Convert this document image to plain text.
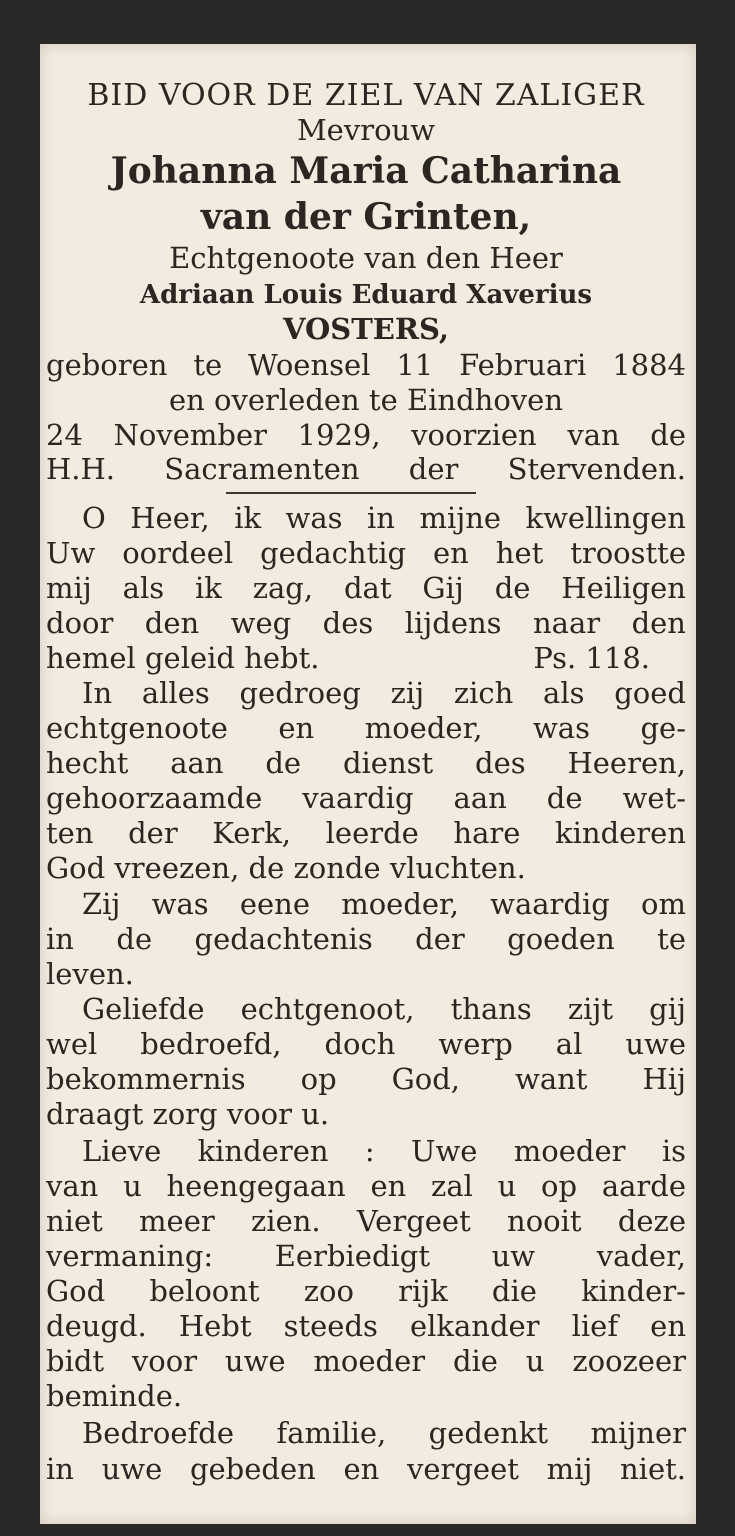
BID VOOR DE ZIEL VAN ZALIGER
Mevrouw
Johanna Maria Catharina
van der Grinten,
Echtgenoote van den Heer
Adriaan Louis Eduard Xaverius
VOSTERS,
geboren te Woensel 11 Februari 1884
en overleden te Eindhoven
24 November 1929, voorzien van de
H.H. Sacramenten der Stervenden.
O Heer, ik was in mijne kwellingen
Uw oordeel gedachtig en het troostte
mij als ik zag, dat Gij de Heiligen
door den weg des lijdens naar den
hemel geleid hebt.	Ps. 118.
In alles gedroeg zij zich als goed
echtgenoote en moeder, was ge-
hecht aan de dienst des Heeren,
gehoorzaamde vaardig aan de wet-
ten der Kerk, leerde hare kinderen
God vreezen, de zonde vluchten.
Zij was eene moeder, waardig om
in de gedachtenis der goeden te
leven.
Geliefde echtgenoot, thans zijt gij
wel bedroefd, doch werp al uwe
bekommernis op God, want Hij
draagt zorg voor u.
Lieve kinderen : Uwe moeder is
van u heengegaan en zal u op aarde
niet meer zien. Vergeet nooit deze
vermaning: Eerbiedigt uw vader,
God beloont zoo rijk die kinder-
deugd. Hebt steeds elkander lief en
bidt voor uwe moeder die u zoozeer
beminde.
Bedroefde familie, gedenkt mijner
in uwe gebeden en vergeet mij niet.
